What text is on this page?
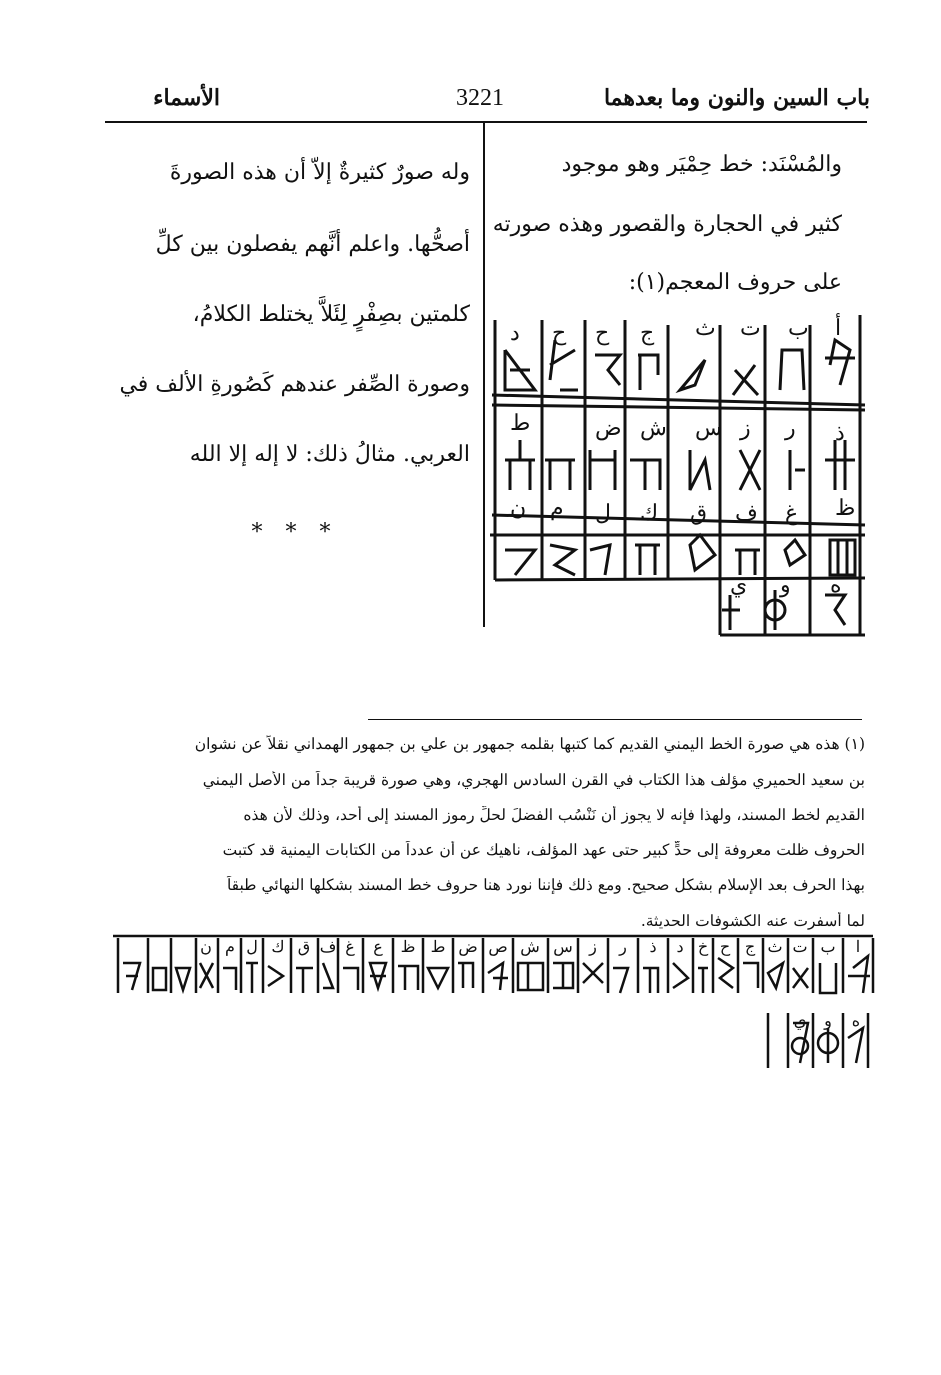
باب السين والنون وما بعدهما
3221
الأسماء
والمُسْنَد: خط حِمْيَر وهو موجود
كثير في الحجارة والقصور وهذه صورته
على حروف المعجم(١):
أ
ب
ت
ث
ج
ح
ح
د
ذ
ر
ز
س
ش
ض
ط
ظ
غ
ف
ق
ك
ل
م
ن
ه
و
ي
وله صورٌ كثيرةٌ إلاّ أن هذه الصورةَ
أصحُّها. واعلم أنَّهم يفصلون بين كلِّ
كلمتين بصِفْرٍ لِئَلاَّ يختلط الكلامُ،
وصورة الصِّفر عندهم كَصُورةِ الألف في
العربي. مثالُ ذلك: لا إله إلا الله
* * *
(١) هذه هي صورة الخط اليمني القديم كما كتبها بقلمه جمهور بن علي بن جمهور الهمداني نقلاً عن نشوان
بن سعيد الحميري مؤلف هذا الكتاب في القرن السادس الهجري، وهي صورة قريبة جداً من الأصل اليمني
القديم لخط المسند، ولهذا فإنه لا يجوز أن نَنْسُب الفضلَ لحلِّ رموز المسند إلى أحد، وذلك لأن هذه
الحروف ظلت معروفة إلى حدٍّ كبير حتى عهد المؤلف، ناهيك عن أن عدداً من الكتابات اليمنية قد كتبت
بهذا الحرف بعد الإسلام بشكل صحيح. ومع ذلك فإننا نورد هنا حروف خط المسند بشكلها النهائي طبقاً
لما أسفرت عنه الكشوفات الحديثة.
ا
ب
ت
ث
ج
ح
خ
د
ذ
ر
ز
س
ش
ص
ض
ط
ظ
ع
غ
ف
ق
ك
ل
م
ن
ه
و
ي
